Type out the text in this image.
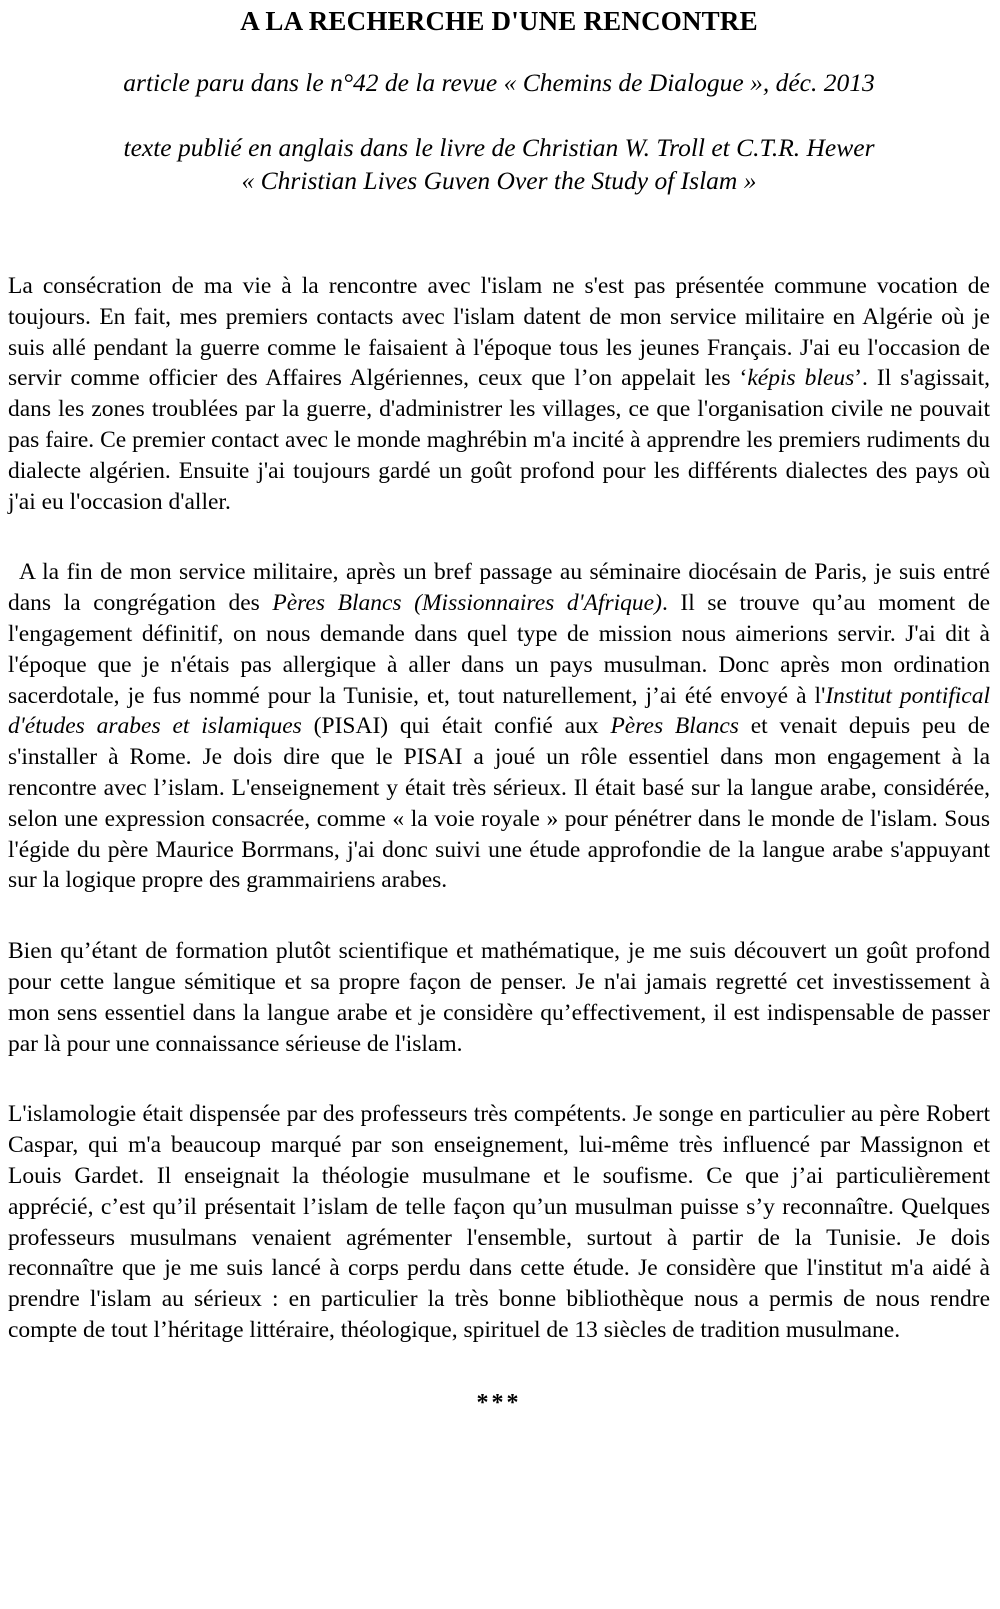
A LA RECHERCHE D'UNE RENCONTRE

article paru dans le n°42 de la revue « Chemins de Dialogue », déc. 2013

texte publié en anglais dans le livre de Christian W. Troll et C.T.R. Hewer
« Christian Lives Guven Over the Study of Islam »

La consécration de ma vie à la rencontre avec l'islam ne s'est pas présentée commune vocation de toujours. En fait, mes premiers contacts avec l'islam datent de mon service militaire en Algérie où je suis allé pendant la guerre comme le faisaient à l'époque tous les jeunes Français. J'ai eu l'occasion de servir comme officier des Affaires Algériennes, ceux que l’on appelait les ‘képis bleus’. Il s'agissait, dans les zones troublées par la guerre, d'administrer les villages, ce que l'organisation civile ne pouvait pas faire. Ce premier contact avec le monde maghrébin m'a incité à apprendre les premiers rudiments du dialecte algérien. Ensuite j'ai toujours gardé un goût profond pour les différents dialectes des pays où j'ai eu l'occasion d'aller.

A la fin de mon service militaire, après un bref passage au séminaire diocésain de Paris, je suis entré dans la congrégation des Pères Blancs (Missionnaires d'Afrique). Il se trouve qu’au moment de l'engagement définitif, on nous demande dans quel type de mission nous aimerions servir. J'ai dit à l'époque que je n'étais pas allergique à aller dans un pays musulman. Donc après mon ordination sacerdotale, je fus nommé pour la Tunisie, et, tout naturellement, j’ai été envoyé à l'Institut pontifical d'études arabes et islamiques (PISAI) qui était confié aux Pères Blancs et venait depuis peu de s'installer à Rome. Je dois dire que le PISAI a joué un rôle essentiel dans mon engagement à la rencontre avec l’islam. L'enseignement y était très sérieux. Il était basé sur la langue arabe, considérée, selon une expression consacrée, comme « la voie royale » pour pénétrer dans le monde de l'islam. Sous l'égide du père Maurice Borrmans, j'ai donc suivi une étude approfondie de la langue arabe s'appuyant sur la logique propre des grammairiens arabes.

Bien qu’étant de formation plutôt scientifique et mathématique, je me suis découvert un goût profond pour cette langue sémitique et sa propre façon de penser. Je n'ai jamais regretté cet investissement à mon sens essentiel dans la langue arabe et je considère qu’effectivement, il est indispensable de passer par là pour une connaissance sérieuse de l'islam.

L'islamologie était dispensée par des professeurs très compétents. Je songe en particulier au père Robert Caspar, qui m'a beaucoup marqué par son enseignement, lui-même très influencé par Massignon et Louis Gardet. Il enseignait la théologie musulmane et le soufisme. Ce que j’ai particulièrement apprécié, c’est qu’il présentait l’islam de telle façon qu’un musulman puisse s’y reconnaître. Quelques professeurs musulmans venaient agrémenter l'ensemble, surtout à partir de la Tunisie. Je dois reconnaître que je me suis lancé à corps perdu dans cette étude. Je considère que l'institut m'a aidé à prendre l'islam au sérieux : en particulier la très bonne bibliothèque nous a permis de nous rendre compte de tout l’héritage littéraire, théologique, spirituel de 13 siècles de tradition musulmane.

***
